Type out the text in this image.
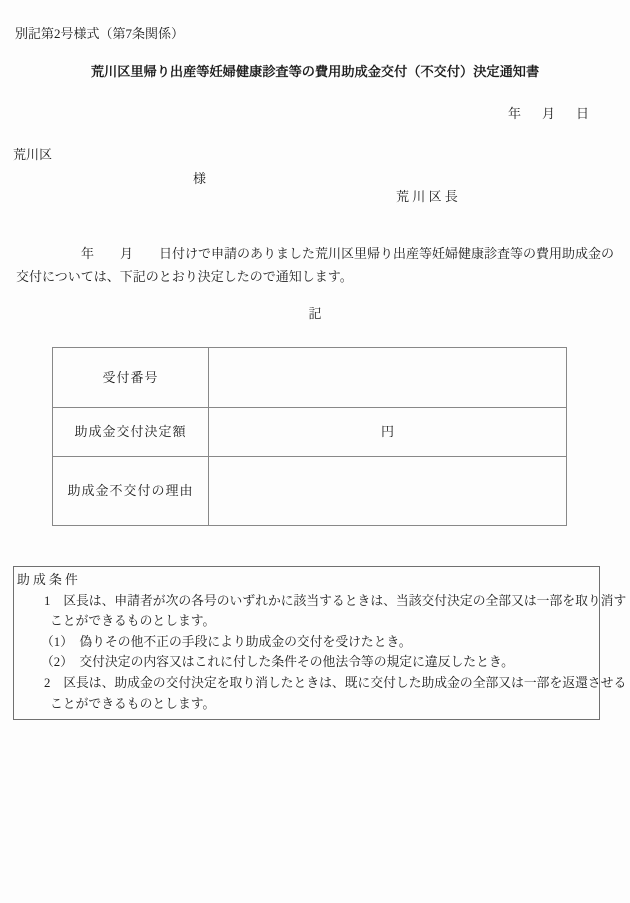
別記第2号様式（第7条関係）
荒川区里帰り出産等妊婦健康診査等の費用助成金交付（不交付）決定通知書
年 月 日
荒川区
様
荒 川 区 長

　　　　　年　　月　　日付けで申請のありました荒川区里帰り出産等妊婦健康診査等の費用助成金の
交付については、下記のとおり決定したので通知します。

記
受付番号	
助成金交付決定額	円
助成金不交付の理由	
助 成 条 件
1　区長は、申請者が次の各号のいずれかに該当するときは、当該交付決定の全部又は一部を取り消す
ことができるものとします。
（1）　偽りその他不正の手段により助成金の交付を受けたとき。
（2）　交付決定の内容又はこれに付した条件その他法令等の規定に違反したとき。
2　区長は、助成金の交付決定を取り消したときは、既に交付した助成金の全部又は一部を返還させる
ことができるものとします。
